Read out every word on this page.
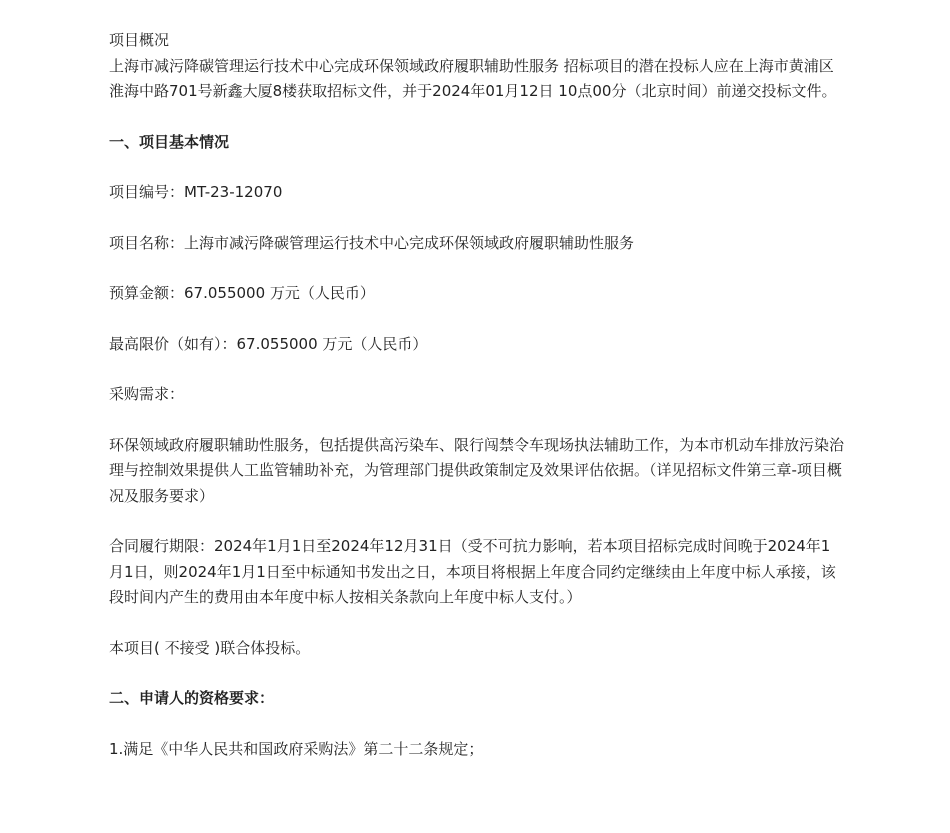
项目概况

上海市减污降碳管理运行技术中心完成环保领域政府履职辅助性服务 招标项目的潜在投标人应在上海市黄浦区淮海中路701号新鑫大厦8楼获取招标文件，并于2024年01月12日 10点00分（北京时间）前递交投标文件。

一、项目基本情况

项目编号：MT-23-12070

项目名称：上海市减污降碳管理运行技术中心完成环保领域政府履职辅助性服务

预算金额：67.055000 万元（人民币）

最高限价（如有）：67.055000 万元（人民币）

采购需求：

环保领域政府履职辅助性服务，包括提供高污染车、限行闯禁令车现场执法辅助工作，为本市机动车排放污染治理与控制效果提供人工监管辅助补充，为管理部门提供政策制定及效果评估依据。（详见招标文件第三章-项目概况及服务要求）

合同履行期限：2024年1月1日至2024年12月31日（受不可抗力影响，若本项目招标完成时间晚于2024年1月1日，则2024年1月1日至中标通知书发出之日，本项目将根据上年度合同约定继续由上年度中标人承接，该段时间内产生的费用由本年度中标人按相关条款向上年度中标人支付。）

本项目( 不接受 )联合体投标。

二、申请人的资格要求：

1.满足《中华人民共和国政府采购法》第二十二条规定；
